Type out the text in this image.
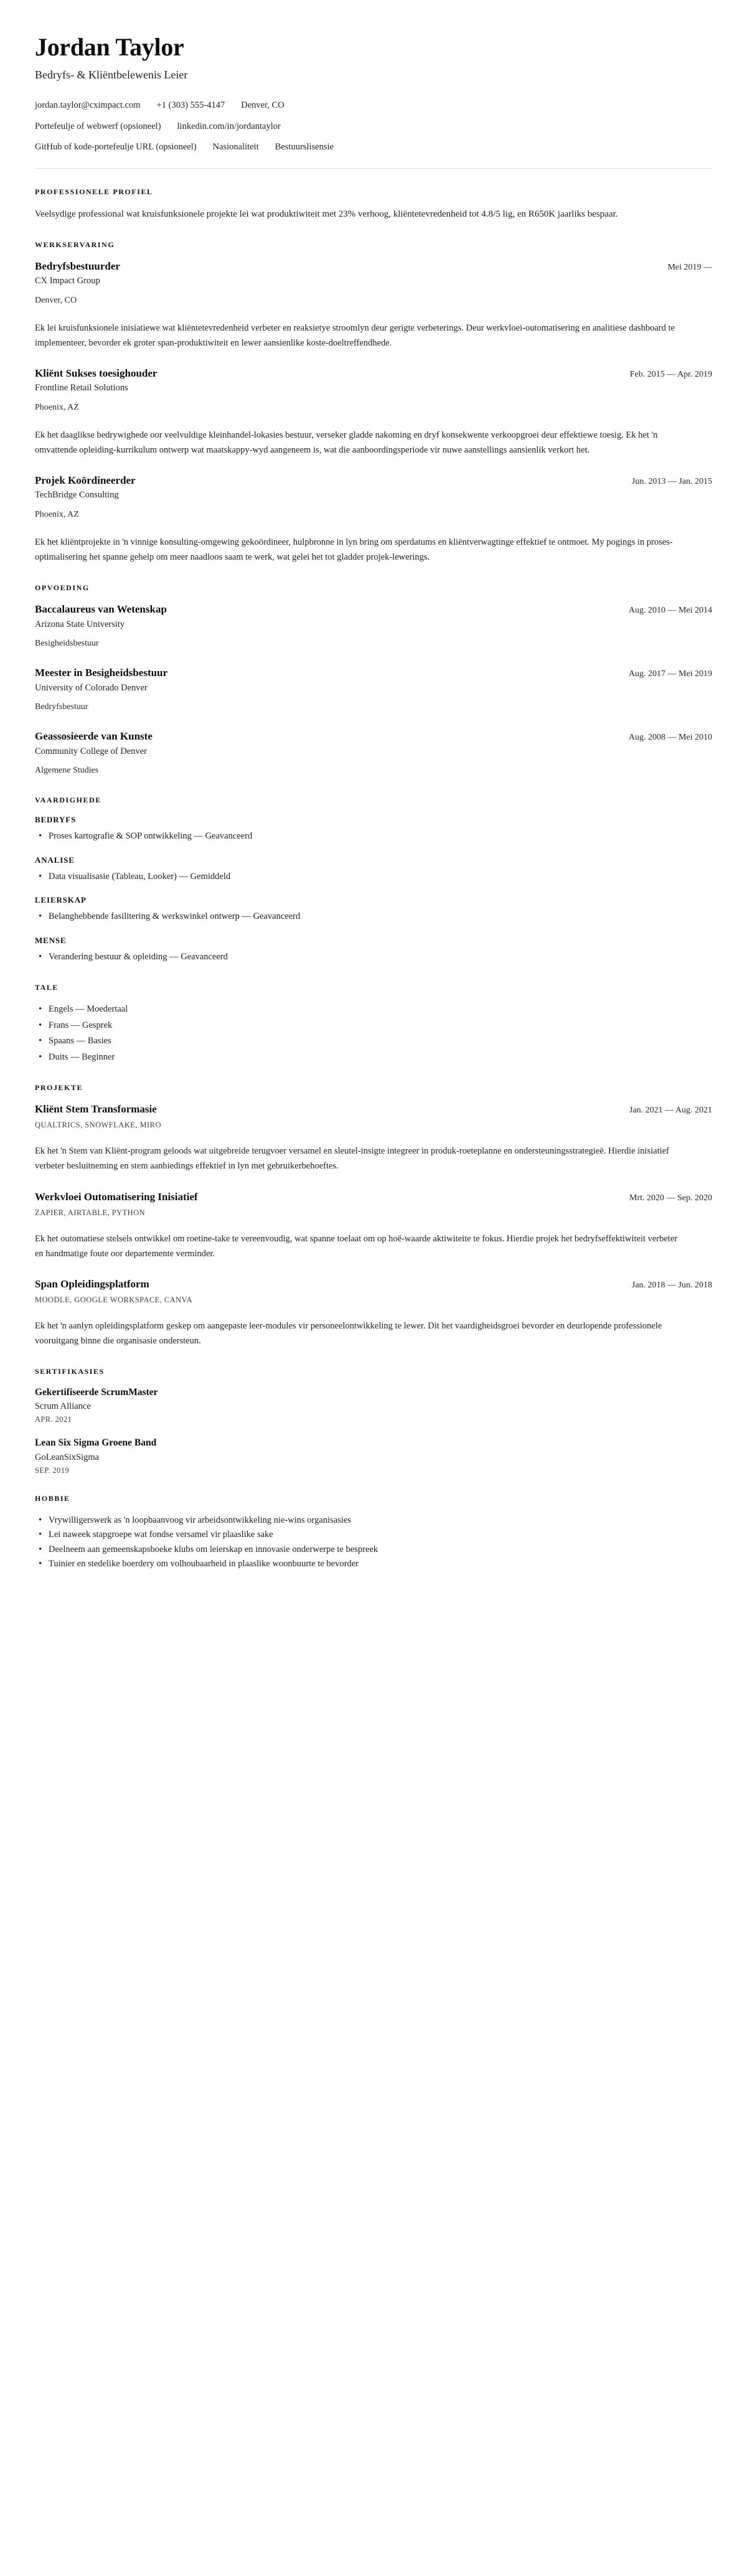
Jordan Taylor

Bedryfs- & Kliëntbelewenis Leier

jordan.taylor@cximpact.com +1 (303) 555-4147 Denver, CO
Portefeulje of webwerf (opsioneel) linkedin.com/in/jordantaylor
GitHub of kode-portefeulje URL (opsioneel) Nasionaliteit Bestuurslisensie
PROFESSIONELE PROFIEL

Veelsydige professional wat kruisfunksionele projekte lei wat produktiwiteit met 23% verhoog, kliëntetevredenheid tot 4.8/5 lig, en R650K jaarliks bespaar.

WERKSERVARING
Bedryfsbestuurder	Mei 2019 —
CX Impact Group
Denver, CO

Ek lei kruisfunksionele inisiatiewe wat kliëntetevredenheid verbeter en reaksietye stroomlyn deur gerigte verbeterings. Deur werkvloei-outomatisering en analitiese dashboard te implementeer, bevorder ek groter span-produktiwiteit en lewer aansienlike koste-doeltreffendhede.

Kliënt Sukses toesighouder	Feb. 2015 — Apr. 2019
Frontline Retail Solutions
Phoenix, AZ

Ek het daaglikse bedrywighede oor veelvuldige kleinhandel-lokasies bestuur, verseker gladde nakoming en dryf konsekwente verkoopgroei deur effektiewe toesig. Ek het 'n omvattende opleiding-kurrikulum ontwerp wat maatskappy-wyd aangeneem is, wat die aanboordingsperiode vir nuwe aanstellings aansienlik verkort het.

Projek Koördineerder	Jun. 2013 — Jan. 2015
TechBridge Consulting
Phoenix, AZ

Ek het kliëntprojekte in 'n vinnige konsulting-omgewing gekoördineer, hulpbronne in lyn bring om sperdatums en kliëntverwagtinge effektief te ontmoet. My pogings in proses-optimalisering het spanne gehelp om meer naadloos saam te werk, wat gelei het tot gladder projek-lewerings.

OPVOEDING
Baccalaureus van Wetenskap	Aug. 2010 — Mei 2014
Arizona State University
Besigheidsbestuur
Meester in Besigheidsbestuur	Aug. 2017 — Mei 2019
University of Colorado Denver
Bedryfsbestuur
Geassosieerde van Kunste	Aug. 2008 — Mei 2010
Community College of Denver
Algemene Studies
VAARDIGHEDE
BEDRYFS
• Proses kartografie & SOP ontwikkeling — Geavanceerd
ANALISE
• Data visualisasie (Tableau, Looker) — Gemiddeld
LEIERSKAP
• Belanghebbende fasilitering & werkswinkel ontwerp — Geavanceerd
MENSE
• Verandering bestuur & opleiding — Geavanceerd
TALE
• Engels — Moedertaal
• Frans — Gesprek
• Spaans — Basies
• Duits — Beginner
PROJEKTE
Kliënt Stem Transformasie	Jan. 2021 — Aug. 2021
QUALTRICS, SNOWFLAKE, MIRO

Ek het 'n Stem van Kliënt-program geloods wat uitgebreide terugvoer versamel en sleutel-insigte integreer in produk-roeteplanne en ondersteuningsstrategieë. Hierdie inisiatief verbeter besluitneming en stem aanbiedings effektief in lyn met gebruikerbehoeftes.

Werkvloei Outomatisering Inisiatief	Mrt. 2020 — Sep. 2020
ZAPIER, AIRTABLE, PYTHON

Ek het outomatiese stelsels ontwikkel om roetine-take te vereenvoudig, wat spanne toelaat om op hoë-waarde aktiwiteite te fokus. Hierdie projek het bedryfseffektiwiteit verbeter en handmatige foute oor departemente verminder.

Span Opleidingsplatform	Jan. 2018 — Jun. 2018
MOODLE, GOOGLE WORKSPACE, CANVA

Ek het 'n aanlyn opleidingsplatform geskep om aangepaste leer-modules vir personeelontwikkeling te lewer. Dit het vaardigheidsgroei bevorder en deurlopende professionele vooruitgang binne die organisasie ondersteun.

SERTIFIKASIES
Gekertifiseerde ScrumMaster
Scrum Alliance
APR. 2021
Lean Six Sigma Groene Band
GoLeanSixSigma
SEP. 2019
HOBBIE
• Vrywilligerswerk as 'n loopbaanvoog vir arbeidsontwikkeling nie-wins organisasies
• Lei naweek stapgroepe wat fondse versamel vir plaaslike sake
• Deelneem aan gemeenskapsboeke klubs om leierskap en innovasie onderwerpe te bespreek
• Tuinier en stedelike boerdery om volhoubaarheid in plaaslike woonbuurte te bevorder
